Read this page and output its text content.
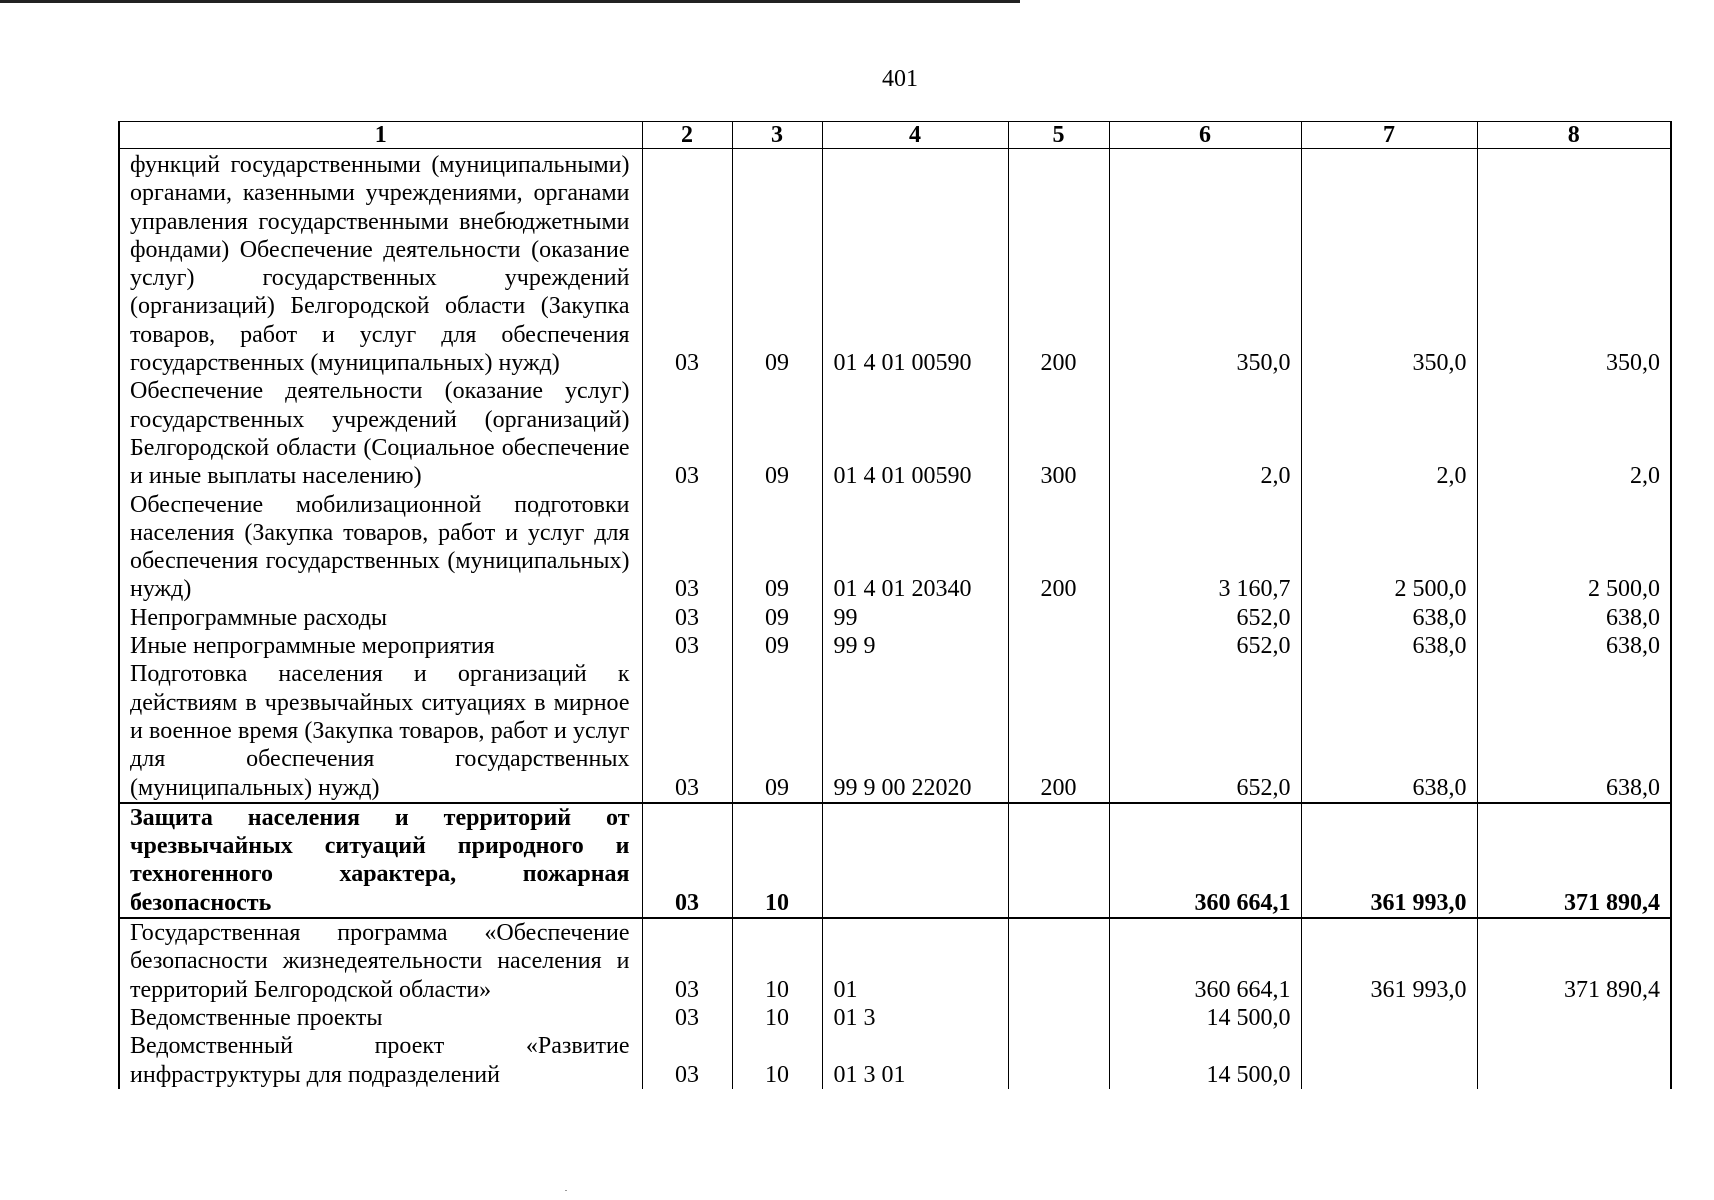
401
1	2	3	4	5	6	7	8
функций государственными (муниципальными) органами, казенными учреждениями, органами управления государственными внебюджетными фондами) Обеспечение деятельности (оказание услуг) государственных учреждений (организаций) Белгородской области (Закупка товаров, работ и услуг для обеспечения государственных (муниципальных) нужд)	03	09	01 4 01 00590	200	350,0	350,0	350,0
Обеспечение деятельности (оказание услуг) государственных учреждений (организаций) Белгородской области (Социальное обеспечение и иные выплаты населению)	03	09	01 4 01 00590	300	2,0	2,0	2,0
Обеспечение мобилизационной подготовки населения (Закупка товаров, работ и услуг для обеспечения государственных (муниципальных) нужд)	03	09	01 4 01 20340	200	3 160,7	2 500,0	2 500,0
Непрограммные расходы	03	09	99		652,0	638,0	638,0
Иные непрограммные мероприятия	03	09	99 9		652,0	638,0	638,0
Подготовка населения и организаций к действиям в чрезвычайных ситуациях в мирное и военное время (Закупка товаров, работ и услуг для обеспечения государственных (муниципальных) нужд)	03	09	99 9 00 22020	200	652,0	638,0	638,0
Защита населения и территорий от чрезвычайных ситуаций природного и техногенного характера, пожарная безопасность	03	10			360 664,1	361 993,0	371 890,4
Государственная программа «Обеспечение безопасности жизнедеятельности населения и территорий Белгородской области»	03	10	01		360 664,1	361 993,0	371 890,4
Ведомственные проекты	03	10	01 3		14 500,0		
Ведомственный проект «Развитие инфраструктуры для подразделений	03	10	01 3 01		14 500,0		
